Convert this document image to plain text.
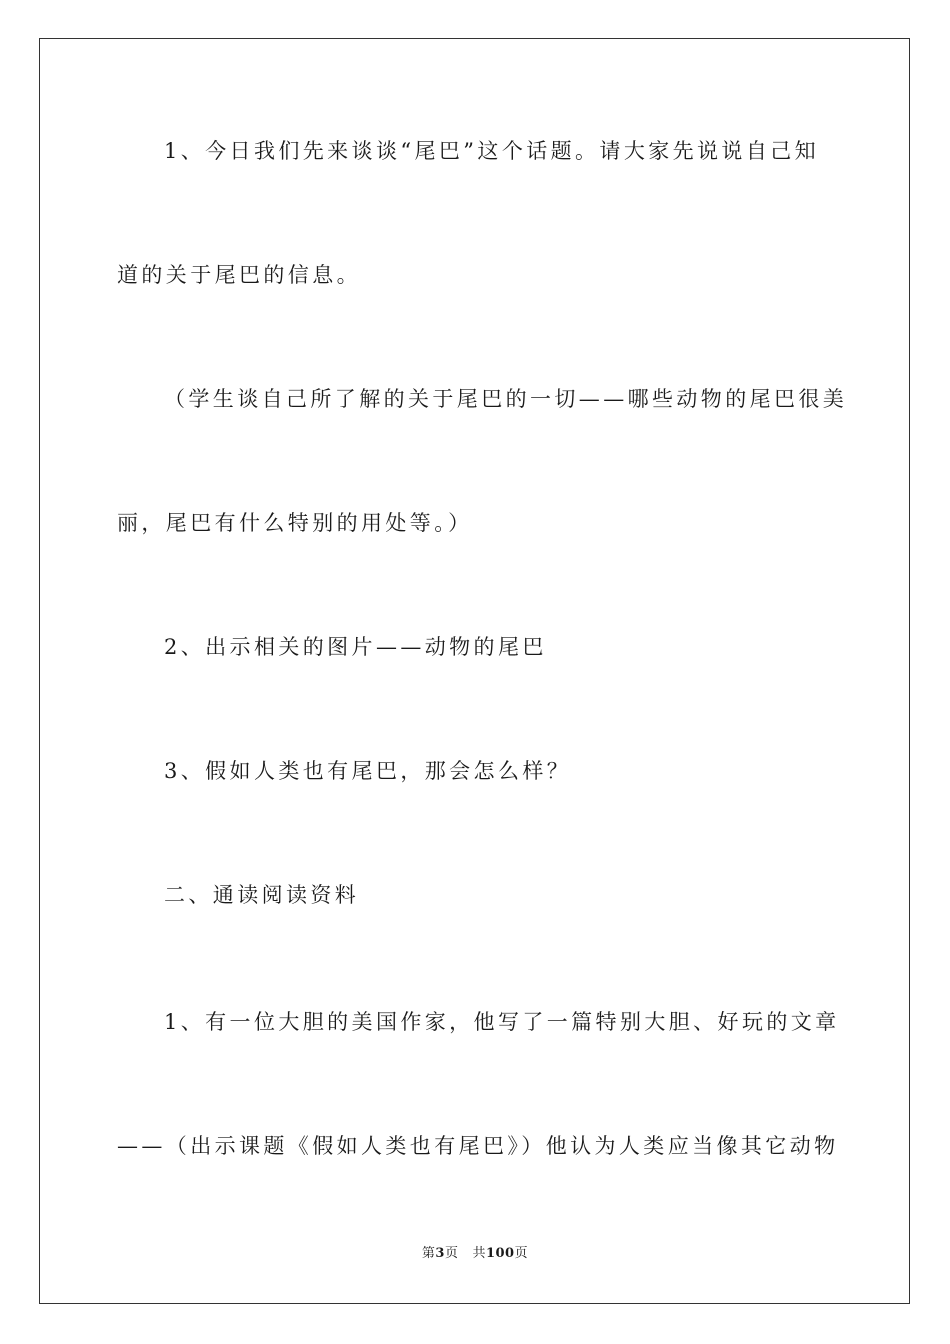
1、今日我们先来谈谈“尾巴”这个话题。请大家先说说自己知
道的关于尾巴的信息。
（学生谈自己所了解的关于尾巴的一切——哪些动物的尾巴很美
丽，尾巴有什么特别的用处等。）
2、出示相关的图片——动物的尾巴
3、假如人类也有尾巴，那会怎么样？
二、通读阅读资料
1、有一位大胆的美国作家，他写了一篇特别大胆、好玩的文章
——（出示课题《假如人类也有尾巴》）他认为人类应当像其它动物
第3页 共100页
